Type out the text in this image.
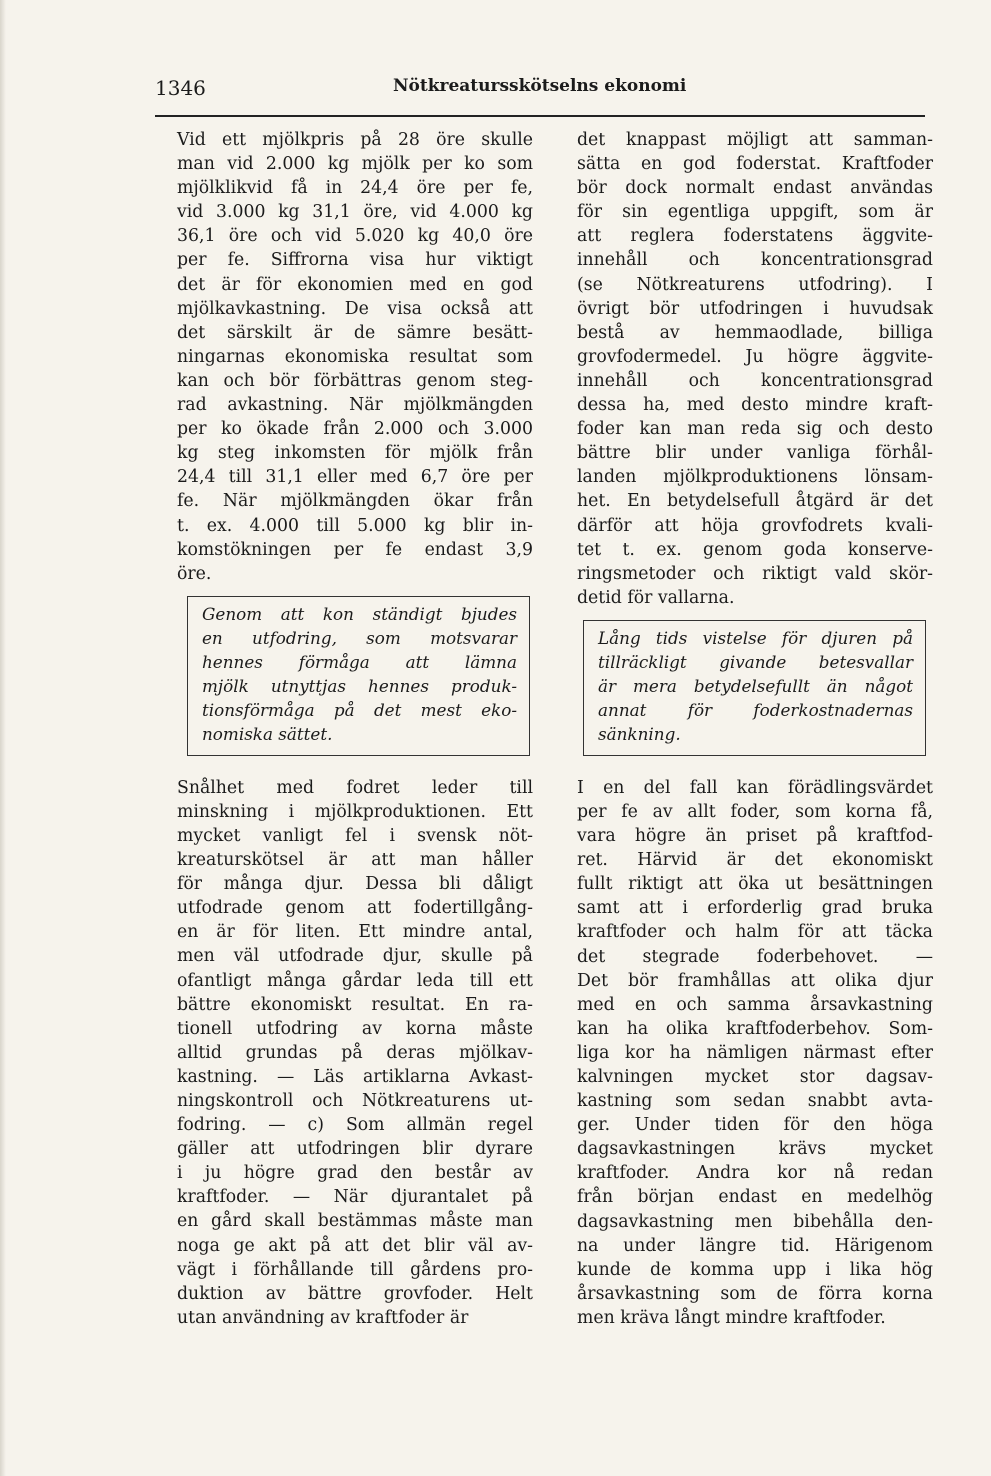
1346	Nötkreatursskötselns ekonomi

Vid ett mjölkpris på 28 öre skulle
man vid 2.000 kg mjölk per ko som
mjölklikvid få in 24,4 öre per fe,
vid 3.000 kg 31,1 öre, vid 4.000 kg
36,1 öre och vid 5.020 kg 40,0 öre
per fe. Siffrorna visa hur viktigt
det är för ekonomien med en god
mjölkavkastning. De visa också att
det särskilt är de sämre besätt-
ningarnas ekonomiska resultat som
kan och bör förbättras genom steg-
rad avkastning. När mjölkmängden
per ko ökade från 2.000 och 3.000
kg steg inkomsten för mjölk från
24,4 till 31,1 eller med 6,7 öre per
fe. När mjölkmängden ökar från
t. ex. 4.000 till 5.000 kg blir in-
komstökningen per fe endast 3,9
öre.

Genom att kon ständigt bjudes
en utfodring, som motsvarar
hennes förmåga att lämna
mjölk utnyttjas hennes produk-
tionsförmåga på det mest eko-
nomiska sättet.

Snålhet med fodret leder till
minskning i mjölkproduktionen. Ett
mycket vanligt fel i svensk nöt-
kreaturskötsel är att man håller
för många djur. Dessa bli dåligt
utfodrade genom att fodertillgång-
en är för liten. Ett mindre antal,
men väl utfodrade djur, skulle på
ofantligt många gårdar leda till ett
bättre ekonomiskt resultat. En ra-
tionell utfodring av korna måste
alltid grundas på deras mjölkav-
kastning. — Läs artiklarna Avkast-
ningskontroll och Nötkreaturens ut-
fodring. — c) Som allmän regel
gäller att utfodringen blir dyrare
i ju högre grad den består av
kraftfoder. — När djurantalet på
en gård skall bestämmas måste man
noga ge akt på att det blir väl av-
vägt i förhållande till gårdens pro-
duktion av bättre grovfoder. Helt
utan användning av kraftfoder är

det knappast möjligt att samman-
sätta en god foderstat. Kraftfoder
bör dock normalt endast användas
för sin egentliga uppgift, som är
att reglera foderstatens äggvite-
innehåll och koncentrationsgrad
(se Nötkreaturens utfodring). I
övrigt bör utfodringen i huvudsak
bestå av hemmaodlade, billiga
grovfodermedel. Ju högre äggvite-
innehåll och koncentrationsgrad
dessa ha, med desto mindre kraft-
foder kan man reda sig och desto
bättre blir under vanliga förhål-
landen mjölkproduktionens lönsam-
het. En betydelsefull åtgärd är det
därför att höja grovfodrets kvali-
tet t. ex. genom goda konserve-
ringsmetoder och riktigt vald skör-
detid för vallarna.

Lång tids vistelse för djuren på
tillräckligt givande betesvallar
är mera betydelsefullt än något
annat för foderkostnadernas
sänkning.

I en del fall kan förädlingsvärdet
per fe av allt foder, som korna få,
vara högre än priset på kraftfod-
ret. Härvid är det ekonomiskt
fullt riktigt att öka ut besättningen
samt att i erforderlig grad bruka
kraftfoder och halm för att täcka
det stegrade foderbehovet. —
Det bör framhållas att olika djur
med en och samma årsavkastning
kan ha olika kraftfoderbehov. Som-
liga kor ha nämligen närmast efter
kalvningen mycket stor dagsav-
kastning som sedan snabbt avta-
ger. Under tiden för den höga
dagsavkastningen krävs mycket
kraftfoder. Andra kor nå redan
från början endast en medelhög
dagsavkastning men bibehålla den-
na under längre tid. Härigenom
kunde de komma upp i lika hög
årsavkastning som de förra korna
men kräva långt mindre kraftfoder.
